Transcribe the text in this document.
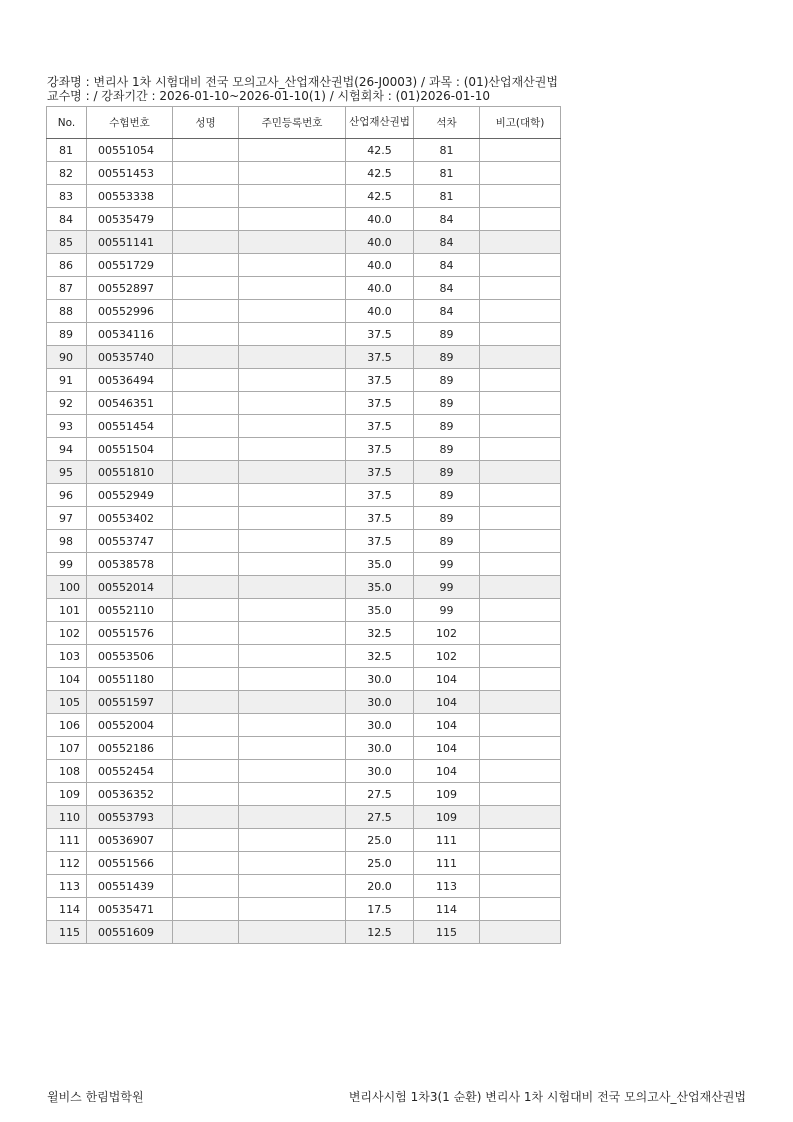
강좌명 : 변리사 1차 시험대비 전국 모의고사_산업재산권법(26-J0003) / 과목 : (01)산업재산권법
교수명 : / 강좌기간 : 2026-01-10~2026-01-10(1) / 시험회차 : (01)2026-01-10
No.	수험번호	성명	주민등록번호	산업재산권법	석차	비고(대학)
81	00551054			42.5	81	
82	00551453			42.5	81	
83	00553338			42.5	81	
84	00535479			40.0	84	
85	00551141			40.0	84	
86	00551729			40.0	84	
87	00552897			40.0	84	
88	00552996			40.0	84	
89	00534116			37.5	89	
90	00535740			37.5	89	
91	00536494			37.5	89	
92	00546351			37.5	89	
93	00551454			37.5	89	
94	00551504			37.5	89	
95	00551810			37.5	89	
96	00552949			37.5	89	
97	00553402			37.5	89	
98	00553747			37.5	89	
99	00538578			35.0	99	
100	00552014			35.0	99	
101	00552110			35.0	99	
102	00551576			32.5	102	
103	00553506			32.5	102	
104	00551180			30.0	104	
105	00551597			30.0	104	
106	00552004			30.0	104	
107	00552186			30.0	104	
108	00552454			30.0	104	
109	00536352			27.5	109	
110	00553793			27.5	109	
111	00536907			25.0	111	
112	00551566			25.0	111	
113	00551439			20.0	113	
114	00535471			17.5	114	
115	00551609			12.5	115	
윌비스 한림법학원	변리사시험 1차3(1 순환) 변리사 1차 시험대비 전국 모의고사_산업재산권법
